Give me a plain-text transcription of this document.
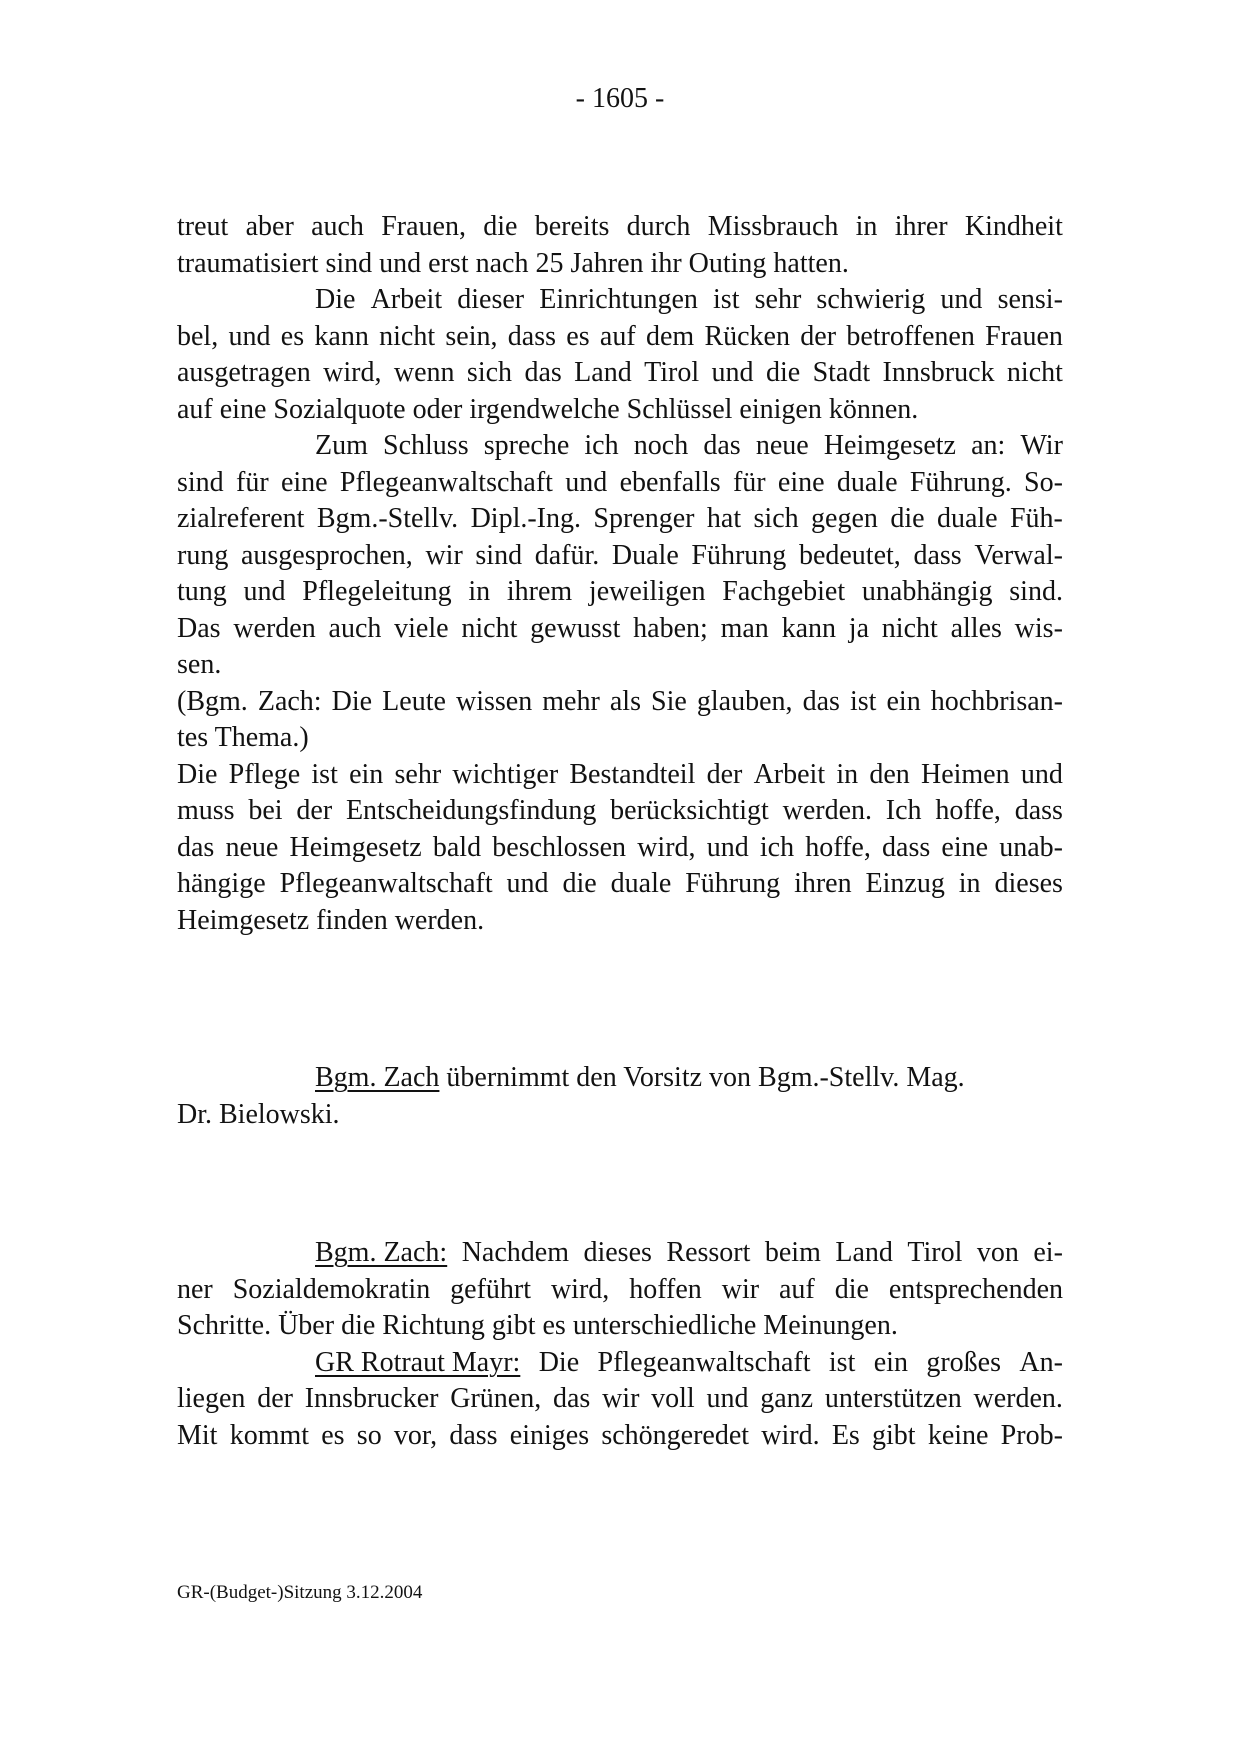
- 1605 -
treut aber auch Frauen, die bereits durch Missbrauch in ihrer Kindheit
traumatisiert sind und erst nach 25 Jahren ihr Outing hatten.
Die Arbeit dieser Einrichtungen ist sehr schwierig und sensi-
bel, und es kann nicht sein, dass es auf dem Rücken der betroffenen Frauen
ausgetragen wird, wenn sich das Land Tirol und die Stadt Innsbruck nicht
auf eine Sozialquote oder irgendwelche Schlüssel einigen können.
Zum Schluss spreche ich noch das neue Heimgesetz an: Wir
sind für eine Pflegeanwaltschaft und ebenfalls für eine duale Führung. So-
zialreferent Bgm.-Stellv. Dipl.-Ing. Sprenger hat sich gegen die duale Füh-
rung ausgesprochen, wir sind dafür. Duale Führung bedeutet, dass Verwal-
tung und Pflegeleitung in ihrem jeweiligen Fachgebiet unabhängig sind.
Das werden auch viele nicht gewusst haben; man kann ja nicht alles wis-
sen.
(Bgm. Zach: Die Leute wissen mehr als Sie glauben, das ist ein hochbrisan-
tes Thema.)
Die Pflege ist ein sehr wichtiger Bestandteil der Arbeit in den Heimen und
muss bei der Entscheidungsfindung berücksichtigt werden. Ich hoffe, dass
das neue Heimgesetz bald beschlossen wird, und ich hoffe, dass eine unab-
hängige Pflegeanwaltschaft und die duale Führung ihren Einzug in dieses
Heimgesetz finden werden.
Bgm. Zach übernimmt den Vorsitz von Bgm.-Stellv. Mag.
Dr. Bielowski.
Bgm. Zach: Nachdem dieses Ressort beim Land Tirol von ei-
ner Sozialdemokratin geführt wird, hoffen wir auf die entsprechenden
Schritte. Über die Richtung gibt es unterschiedliche Meinungen.
GR Rotraut Mayr: Die Pflegeanwaltschaft ist ein großes An-
liegen der Innsbrucker Grünen, das wir voll und ganz unterstützen werden.
Mit kommt es so vor, dass einiges schöngeredet wird. Es gibt keine Prob-
GR-(Budget-)Sitzung 3.12.2004
